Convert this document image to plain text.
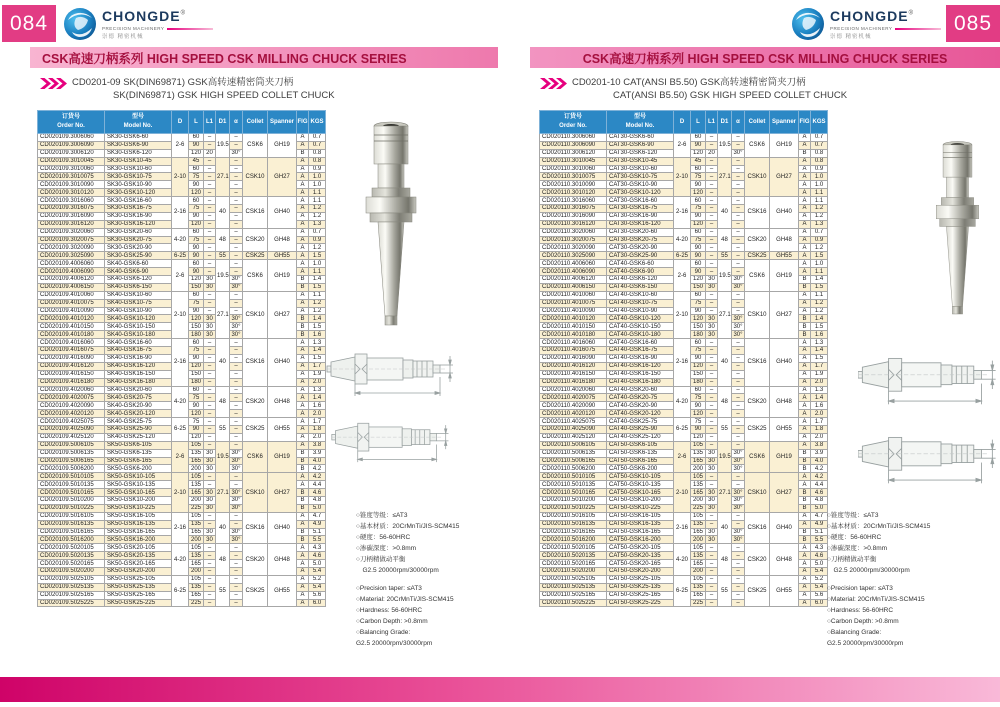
084	CHONGDE®
PRECISION MACHINERY
崇德 精密机械
CSK高速刀柄系列 HIGH SPEED CSK MILLING CHUCK SERIES
CD0201-09 SK(DIN69871) GSK高转速精密筒夹刀柄
SK(DIN69871) GSK HIGH SPEED COLLET CHUCK
订货号
Order No.

型号
Model No.
	D	L	L1	D1	α	Collet	Spanner	FIG	KGS
CD020109.3006060	SK30-GSK6-60	2-6	60	–	19.5	–	CSK6	GH19	A	0.7
CD020109.3006090	SK30-GSK6-90		90	–		–			A	0.7
CD020109.3006120	SK30-GSK6-120		120	20		30°			B	0.8
CD020109.3010045	SK30-GSK10-45	2-10	45	–	27.1	–	CSK10	GH27	A	0.8
CD020109.3010060	SK30-GSK10-60		60	–		–			A	0.9
CD020109.3010075	SK30-GSK10-75		75	–		–			A	1.0
CD020109.3010090	SK30-GSK10-90		90	–		–			A	1.0
CD020109.3010120	SK30-GSK10-120		120	–		–			A	1.1
CD020109.3016060	SK30-GSK16-60	2-16	60	–	40	–	CSK16	GH40	A	1.1
CD020109.3016075	SK30-GSK16-75		75	–		–			A	1.2
CD020109.3016090	SK30-GSK16-90		90	–		–			A	1.2
CD020109.3016120	SK30-GSK16-120		120	–		–			A	1.3
CD020109.3020060	SK30-GSK20-60	4-20	60	–	48	–	CSK20	GH48	A	0.7
CD020109.3020075	SK30-GSK20-75		75	–		–			A	0.9
CD020109.3020090	SK30-GSK20-90		90	–		–			A	1.2
CD020109.3025090	SK30-GSK25-90	6-25	90	–	55	–	CSK25	GH55	A	1.5
CD020109.4006060	SK40-GSK6-60	2-6	60	–	19.5	–	CSK6	GH19	A	1.0
CD020109.4006090	SK40-GSK6-90		90	–		–			A	1.1
CD020109.4006120	SK40-GSK6-120		120	30		30°			B	1.4
CD020109.4006150	SK40-GSK6-150		150	30		30°			B	1.5
CD020109.4010060	SK40-GSK10-60	2-10	60	–	27.1	–	CSK10	GH27	A	1.1
CD020109.4010075	SK40-GSK10-75		75	–		–			A	1.2
CD020109.4010090	SK40-GSK10-90		90	–		–			A	1.2
CD020109.4010120	SK40-GSK10-120		120	30		30°			B	1.4
CD020109.4010150	SK40-GSK10-150		150	30		30°			B	1.5
CD020109.4010180	SK40-GSK10-180		180	30		30°			B	1.6
CD020109.4016060	SK40-GSK16-60	2-16	60	–	40	–	CSK16	GH40	A	1.3
CD020109.4016075	SK40-GSK16-75		75	–		–			A	1.4
CD020109.4016090	SK40-GSK16-90		90	–		–			A	1.5
CD020109.4016120	SK40-GSK16-120		120	–		–			A	1.7
CD020109.4016150	SK40-GSK16-150		150	–		–			A	1.9
CD020109.4016180	SK40-GSK16-180		180	–		–			A	2.0
CD020109.4020060	SK40-GSK20-60	4-20	60	–	48	–	CSK20	GH48	A	1.3
CD020109.4020075	SK40-GSK20-75		75	–		–			A	1.4
CD020109.4020090	SK40-GSK20-90		90	–		–			A	1.6
CD020109.4020120	SK40-GSK20-120		120	–		–			A	2.0
CD020109.4025075	SK40-GSK25-75	6-25	75	–	55	–	CSK25	GH55	A	1.7
CD020109.4025090	SK40-GSK25-90		90	–		–			A	1.8
CD020109.4025120	SK40-GSK25-120		120	–		–			A	2.0
CD020109.5006105	SK50-GSK6-105	2-6	105	–	19.5	–	CSK6	GH19	A	3.8
CD020109.5006135	SK50-GSK6-135		135	30		30°			B	3.9
CD020109.5006165	SK50-GSK6-165		165	30		30°			B	4.0
CD020109.5006200	SK50-GSK6-200		200	30		30°			B	4.2
CD020109.5010105	SK50-GSK10-105	2-10	105	–	27.1	–	CSK10	GH27	A	4.2
CD020109.5010135	SK50-GSK10-135		135	–		–			A	4.4
CD020109.5010165	SK50-GSK10-165		165	30		30°			B	4.6
CD020109.5010200	SK50-GSK10-200		200	30		30°			B	4.8
CD020109.5010225	SK50-GSK10-225		225	30		30°			B	5.0
CD020109.5016105	SK50-GSK16-105	2-16	105	–	40	–	CSK16	GH40	A	4.7
CD020109.5016135	SK50-GSK16-135		135	–		–			A	4.9
CD020109.5016165	SK50-GSK16-165		165	30		30°			B	5.1
CD020109.5016200	SK50-GSK16-200		200	30		30°			B	5.5
CD020109.5020105	SK50-GSK20-105	4-20	105	–	48	–	CSK20	GH48	A	4.3
CD020109.5020135	SK50-GSK20-135		135	–		–			A	4.6
CD020109.5020165	SK50-GSK20-165		165	–		–			A	5.0
CD020109.5020200	SK50-GSK20-200		200	–		–			A	5.4
CD020109.5025105	SK50-GSK25-105	6-25	105	–	55	–	CSK25	GH55	A	5.2
CD020109.5025135	SK50-GSK25-135		135	–		–			A	5.4
CD020109.5025165	SK50-GSK25-165		165	–		–			A	5.6
CD020109.5025225	SK50-GSK25-225		225	–		–			A	6.0
○锥度等级：≤AT3
○基本材质：20CrMnTi/JIS-SCM415
○硬度：56-60HRC
○渗碳深度：>0.8mm
○刀柄精做动平衡
　G2.5 20000rpm/30000rpm
○Precision taper: ≤AT3
○Material: 20CrMnTi/JIS-SCM415
○Hardness: 56-60HRC
○Carbon Depth: >0.8mm
○Balancing Grade:
G2.5 20000rpm/30000rpm
085
CHONGDE®
PRECISION MACHINERY
崇德 精密机械
CSK高速刀柄系列 HIGH SPEED CSK MILLING CHUCK SERIES
CD0201-10 CAT(ANSI B5.50) GSK高转速精密筒夹刀柄
CAT(ANSI B5.50) GSK HIGH SPEED COLLET CHUCK
订货号
Order No.

型号
Model No.
	D	L	L1	D1	α	Collet	Spanner	FIG	KGS
CD020110.3006060	CAT30-GSK6-60	2-6	60	–	19.5	–	CSK6	GH19	A	0.7
CD020110.3006090	CAT30-GSK6-90		90	–		–			A	0.7
CD020110.3006120	CAT30-GSK6-120		120	20		30°			B	0.8
CD020110.3010045	CAT30-GSK10-45	2-10	45	–	27.1	–	CSK10	GH27	A	0.8
CD020110.3010060	CAT30-GSK10-60		60	–		–			A	0.9
CD020110.3010075	CAT30-GSK10-75		75	–		–			A	1.0
CD020110.3010090	CAT30-GSK10-90		90	–		–			A	1.0
CD020110.3010120	CAT30-GSK10-120		120	–		–			A	1.1
CD020110.3016060	CAT30-GSK16-60	2-16	60	–	40	–	CSK16	GH40	A	1.1
CD020110.3016075	CAT30-GSK16-75		75	–		–			A	1.2
CD020110.3016090	CAT30-GSK16-90		90	–		–			A	1.2
CD020110.3016120	CAT30-GSK16-120		120	–		–			A	1.3
CD020110.3020060	CAT30-GSK20-60	4-20	60	–	48	–	CSK20	GH48	A	0.7
CD020110.3020075	CAT30-GSK20-75		75	–		–			A	0.9
CD020110.3020090	CAT30-GSK20-90		90	–		–			A	1.2
CD020110.3025090	CAT30-GSK25-90	6-25	90	–	55	–	CSK25	GH55	A	1.5
CD020110.4006060	CAT40-GSK6-60	2-6	60	–	19.5	–	CSK6	GH19	A	1.0
CD020110.4006090	CAT40-GSK6-90		90	–		–			A	1.1
CD020110.4006120	CAT40-GSK6-120		120	30		30°			B	1.4
CD020110.4006150	CAT40-GSK6-150		150	30		30°			B	1.5
CD020110.4010060	CAT40-GSK10-60	2-10	60	–	27.1	–	CSK10	GH27	A	1.1
CD020110.4010075	CAT40-GSK10-75		75	–		–			A	1.2
CD020110.4010090	CAT40-GSK10-90		90	–		–			A	1.2
CD020110.4010120	CAT40-GSK10-120		120	30		30°			B	1.4
CD020110.4010150	CAT40-GSK10-150		150	30		30°			B	1.5
CD020110.4010180	CAT40-GSK10-180		180	30		30°			B	1.6
CD020110.4016060	CAT40-GSK16-60	2-16	60	–	40	–	CSK16	GH40	A	1.3
CD020110.4016075	CAT40-GSK16-75		75	–		–			A	1.4
CD020110.4016090	CAT40-GSK16-90		90	–		–			A	1.5
CD020110.4016120	CAT40-GSK16-120		120	–		–			A	1.7
CD020110.4016150	CAT40-GSK16-150		150	–		–			A	1.9
CD020110.4016180	CAT40-GSK16-180		180	–		–			A	2.0
CD020110.4020060	CAT40-GSK20-60	4-20	60	–	48	–	CSK20	GH48	A	1.3
CD020110.4020075	CAT40-GSK20-75		75	–		–			A	1.4
CD020110.4020090	CAT40-GSK20-90		90	–		–			A	1.6
CD020110.4020120	CAT40-GSK20-120		120	–		–			A	2.0
CD020110.4025075	CAT40-GSK25-75	6-25	75	–	55	–	CSK25	GH55	A	1.7
CD020110.4025090	CAT40-GSK25-90		90	–		–			A	1.8
CD020110.4025120	CAT40-GSK25-120		120	–		–			A	2.0
CD020110.5006105	CAT50-GSK6-105	2-6	105	–	19.5	–	CSK6	GH19	A	3.8
CD020110.5006135	CAT50-GSK6-135		135	30		30°			B	3.9
CD020110.5006165	CAT50-GSK6-165		165	30		30°			B	4.0
CD020110.5006200	CAT50-GSK6-200		200	30		30°			B	4.2
CD020110.5010105	CAT50-GSK10-105	2-10	105	–	27.1	–	CSK10	GH27	A	4.2
CD020110.5010135	CAT50-GSK10-135		135	–		–			A	4.4
CD020110.5010165	CAT50-GSK10-165		165	30		30°			B	4.6
CD020110.5010200	CAT50-GSK10-200		200	30		30°			B	4.8
CD020110.5010225	CAT50-GSK10-225		225	30		30°			B	5.0
CD020110.5016105	CAT50-GSK16-105	2-16	105	–	40	–	CSK16	GH40	A	4.7
CD020110.5016135	CAT50-GSK16-135		135	–		–			A	4.9
CD020110.5016165	CAT50-GSK16-165		165	30		30°			B	5.1
CD020110.5016200	CAT50-GSK16-200		200	30		30°			B	5.5
CD020110.5020105	CAT50-GSK20-105	4-20	105	–	48	–	CSK20	GH48	A	4.3
CD020110.5020135	CAT50-GSK20-135		135	–		–			A	4.6
CD020110.5020165	CAT50-GSK20-165		165	–		–			A	5.0
CD020110.5020200	CAT50-GSK20-200		200	–		–			A	5.4
CD020110.5025105	CAT50-GSK25-105	6-25	105	–	55	–	CSK25	GH55	A	5.2
CD020110.5025135	CAT50-GSK25-135		135	–		–			A	5.4
CD020110.5025165	CAT50-GSK25-165		165	–		–			A	5.6
CD020110.5025225	CAT50-GSK25-225		225	–		–			A	6.0
○锥度等级：≤AT3
○基本材质：20CrMnTi/JIS-SCM415
○硬度：56-60HRC
○渗碳深度：>0.8mm
○刀柄精做动平衡
　G2.5 20000rpm/30000rpm
○Precision taper: ≤AT3
○Material: 20CrMnTi/JIS-SCM415
○Hardness: 56-60HRC
○Carbon Depth: >0.8mm
○Balancing Grade:
G2.5 20000rpm/30000rpm
